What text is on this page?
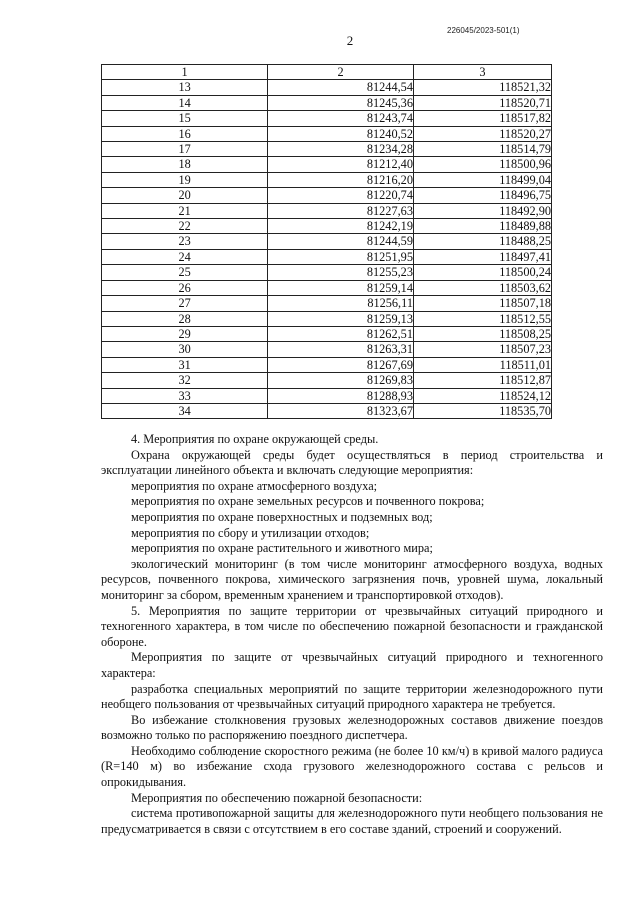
226045/2023-501(1)
2
1	2	3
13	81244,54	118521,32
14	81245,36	118520,71
15	81243,74	118517,82
16	81240,52	118520,27
17	81234,28	118514,79
18	81212,40	118500,96
19	81216,20	118499,04
20	81220,74	118496,75
21	81227,63	118492,90
22	81242,19	118489,88
23	81244,59	118488,25
24	81251,95	118497,41
25	81255,23	118500,24
26	81259,14	118503,62
27	81256,11	118507,18
28	81259,13	118512,55
29	81262,51	118508,25
30	81263,31	118507,23
31	81267,69	118511,01
32	81269,83	118512,87
33	81288,93	118524,12
34	81323,67	118535,70

4. Мероприятия по охране окружающей среды.

Охрана окружающей среды будет осуществляться в период строительства и эксплуатации линейного объекта и включать следующие мероприятия:

мероприятия по охране атмосферного воздуха;

мероприятия по охране земельных ресурсов и почвенного покрова;

мероприятия по охране поверхностных и подземных вод;

мероприятия по сбору и утилизации отходов;

мероприятия по охране растительного и животного мира;

экологический мониторинг (в том числе мониторинг атмосферного воздуха, водных ресурсов, почвенного покрова, химического загрязнения почв, уровней шума, локальный мониторинг за сбором, временным хранением и транспортировкой отходов).

5. Мероприятия по защите территории от чрезвычайных ситуаций природного и техногенного характера, в том числе по обеспечению пожарной безопасности и гражданской обороне.

Мероприятия по защите от чрезвычайных ситуаций природного и техногенного характера:

разработка специальных мероприятий по защите территории железнодорожного пути необщего пользования от чрезвычайных ситуаций природного характера не требуется.

Во избежание столкновения грузовых железнодорожных составов движение поездов возможно только по распоряжению поездного диспетчера.

Необходимо соблюдение скоростного режима (не более 10 км/ч) в кривой малого радиуса (R=140 м) во избежание схода грузового железнодорожного состава с рельсов и опрокидывания.

Мероприятия по обеспечению пожарной безопасности:

система противопожарной защиты для железнодорожного пути необщего пользования не предусматривается в связи с отсутствием в его составе зданий, строений и сооружений.
